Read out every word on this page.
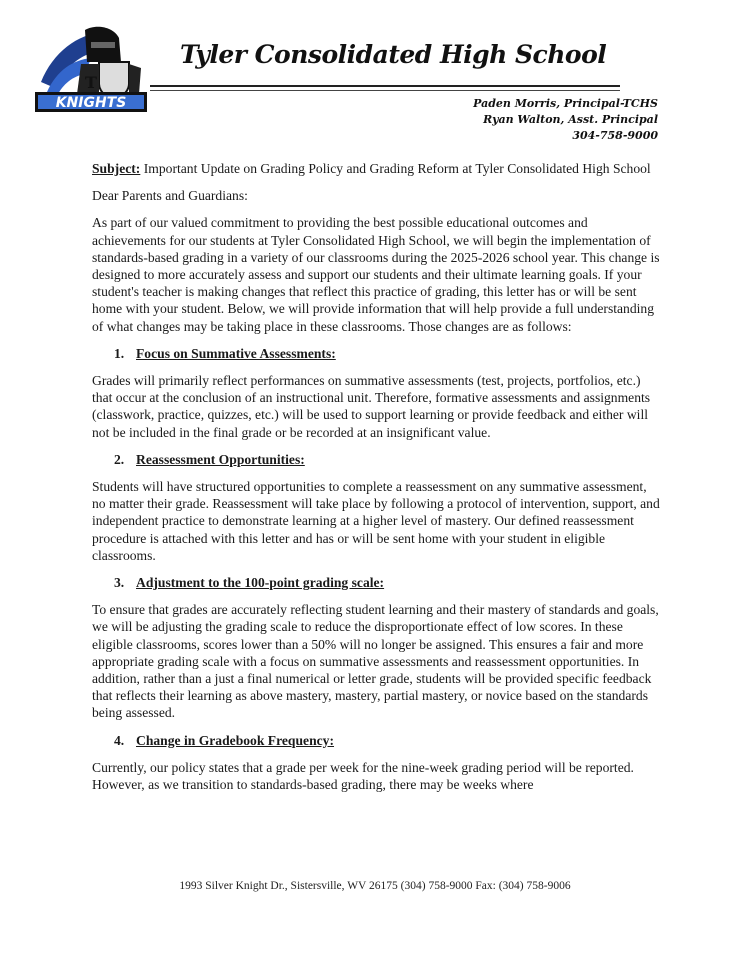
T
KNIGHTS
Tyler Consolidated High School
Paden Morris, Principal-TCHS
Ryan Walton, Asst. Principal
304-758-9000

Subject: Important Update on Grading Policy and Grading Reform at Tyler Consolidated High School

Dear Parents and Guardians:

As part of our valued commitment to providing the best possible educational outcomes and achievements for our students at Tyler Consolidated High School, we will begin the implementation of standards-based grading in a variety of our classrooms during the 2025-2026 school year. This change is designed to more accurately assess and support our students and their ultimate learning goals. If your student's teacher is making changes that reflect this practice of grading, this letter has or will be sent home with your student. Below, we will provide information that will help provide a full understanding of what changes may be taking place in these classrooms. Those changes are as follows:

1. Focus on Summative Assessments:

Grades will primarily reflect performances on summative assessments (test, projects, portfolios, etc.) that occur at the conclusion of an instructional unit. Therefore, formative assessments and assignments (classwork, practice, quizzes, etc.) will be used to support learning or provide feedback and either will not be included in the final grade or be recorded at an insignificant value.

2. Reassessment Opportunities:

Students will have structured opportunities to complete a reassessment on any summative assessment, no matter their grade. Reassessment will take place by following a protocol of intervention, support, and independent practice to demonstrate learning at a higher level of mastery. Our defined reassessment procedure is attached with this letter and has or will be sent home with your student in eligible classrooms.

3. Adjustment to the 100-point grading scale:

To ensure that grades are accurately reflecting student learning and their mastery of standards and goals, we will be adjusting the grading scale to reduce the disproportionate effect of low scores. In these eligible classrooms, scores lower than a 50% will no longer be assigned. This ensures a fair and more appropriate grading scale with a focus on summative assessments and reassessment opportunities. In addition, rather than a just a final numerical or letter grade, students will be provided specific feedback that reflects their learning as above mastery, mastery, partial mastery, or novice based on the standards being assessed.

4. Change in Gradebook Frequency:

Currently, our policy states that a grade per week for the nine-week grading period will be reported. However, as we transition to standards-based grading, there may be weeks where

1993 Silver Knight Dr., Sistersville, WV 26175 (304) 758-9000 Fax: (304) 758-9006
